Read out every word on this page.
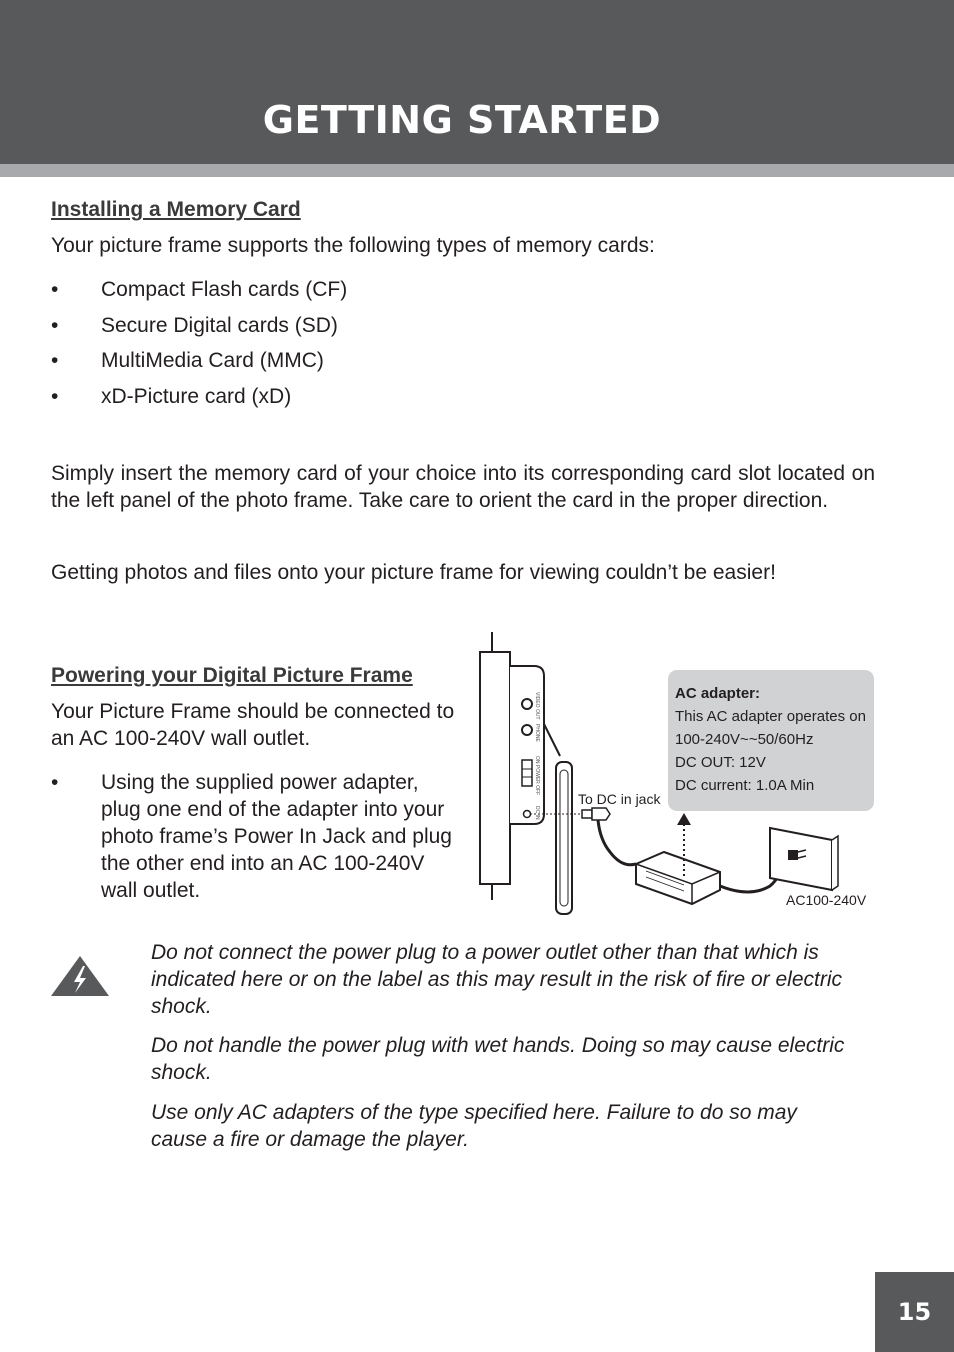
GETTING STARTED
Installing a Memory Card
Your picture frame supports the following types of memory cards:
• Compact Flash cards (CF)
• Secure Digital cards (SD)
• MultiMedia Card (MMC)
• xD-Picture card (xD)
Simply insert the memory card of your choice into its corresponding card slot located on the left panel of the photo frame. Take care to orient the card in the proper direction.
Getting photos and files onto your picture frame for viewing couldn’t be easier!
Powering your Digital Picture Frame
Your Picture Frame should be connected to an AC 100-240V wall outlet.
• Using the supplied power adapter, plug one end of the adapter into your photo frame’s Power In Jack and plug the other end into an AC 100-240V wall outlet.
VIDEO OUT
PHONE
ON POWER OFF
DC IN
AC adapter:
This AC adapter operates on
100-240V~~50/60Hz
DC OUT: 12V
DC current: 1.0A Min
To DC in jack
AC100-240V
Do not connect the power plug to a power outlet other than that which is indicated here or on the label as this may result in the risk of fire or electric shock.
Do not handle the power plug with wet hands. Doing so may cause electric shock.
Use only AC adapters of the type specified here. Failure to do so may cause a fire or damage the player.
15
